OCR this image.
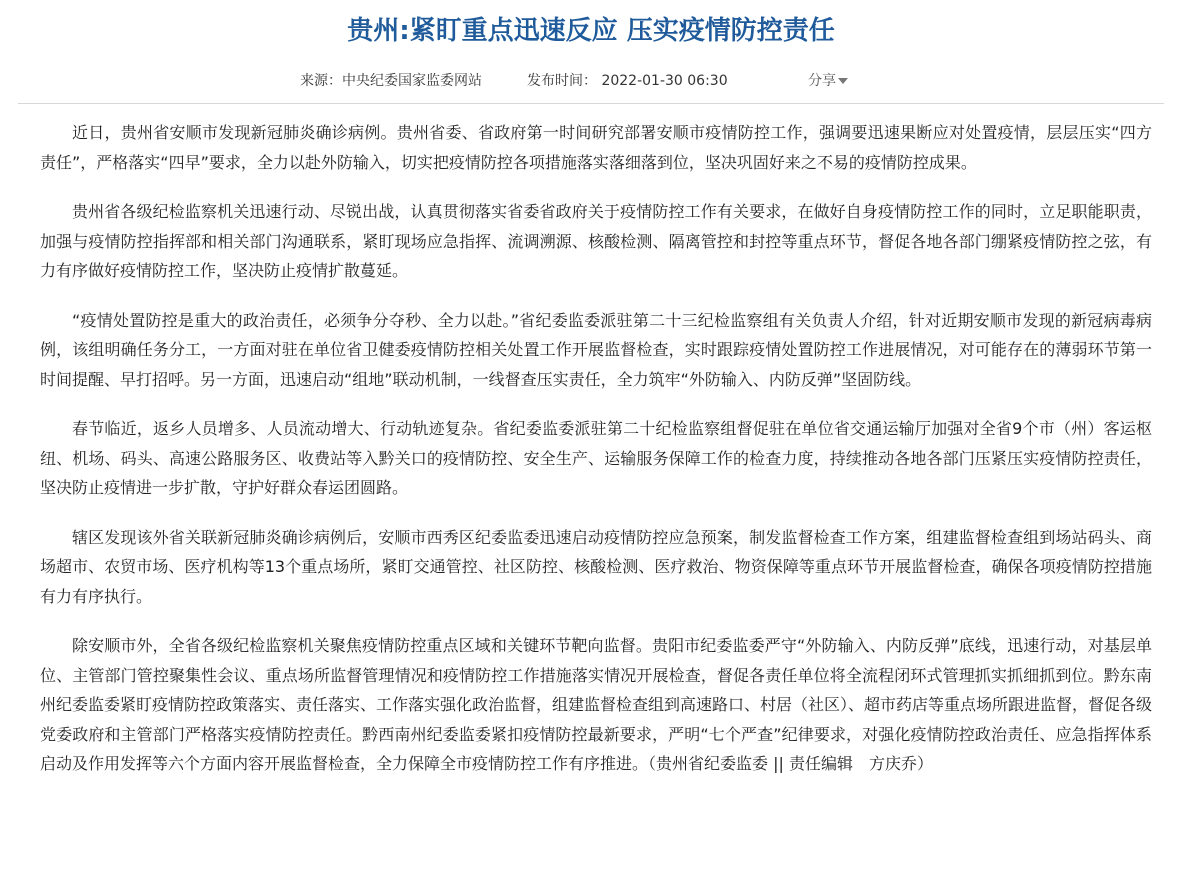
贵州:紧盯重点迅速反应 压实疫情防控责任
来源：中央纪委国家监委网站	发布时间： 2022-01-30 06:30	分享

近日，贵州省安顺市发现新冠肺炎确诊病例。贵州省委、省政府第一时间研究部署安顺市疫情防控工作，强调要迅速果断应对处置疫情，层层压实“四方责任”，严格落实“四早”要求，全力以赴外防输入，切实把疫情防控各项措施落实落细落到位，坚决巩固好来之不易的疫情防控成果。

贵州省各级纪检监察机关迅速行动、尽锐出战，认真贯彻落实省委省政府关于疫情防控工作有关要求，在做好自身疫情防控工作的同时，立足职能职责，加强与疫情防控指挥部和相关部门沟通联系，紧盯现场应急指挥、流调溯源、核酸检测、隔离管控和封控等重点环节，督促各地各部门绷紧疫情防控之弦，有力有序做好疫情防控工作，坚决防止疫情扩散蔓延。

“疫情处置防控是重大的政治责任，必须争分夺秒、全力以赴。”省纪委监委派驻第二十三纪检监察组有关负责人介绍，针对近期安顺市发现的新冠病毒病例，该组明确任务分工，一方面对驻在单位省卫健委疫情防控相关处置工作开展监督检查，实时跟踪疫情处置防控工作进展情况，对可能存在的薄弱环节第一时间提醒、早打招呼。另一方面，迅速启动“组地”联动机制，一线督查压实责任，全力筑牢“外防输入、内防反弹”坚固防线。

春节临近，返乡人员增多、人员流动增大、行动轨迹复杂。省纪委监委派驻第二十纪检监察组督促驻在单位省交通运输厅加强对全省9个市（州）客运枢纽、机场、码头、高速公路服务区、收费站等入黔关口的疫情防控、安全生产、运输服务保障工作的检查力度，持续推动各地各部门压紧压实疫情防控责任，坚决防止疫情进一步扩散，守护好群众春运团圆路。

辖区发现该外省关联新冠肺炎确诊病例后，安顺市西秀区纪委监委迅速启动疫情防控应急预案，制发监督检查工作方案，组建监督检查组到场站码头、商场超市、农贸市场、医疗机构等13个重点场所，紧盯交通管控、社区防控、核酸检测、医疗救治、物资保障等重点环节开展监督检查，确保各项疫情防控措施有力有序执行。

除安顺市外，全省各级纪检监察机关聚焦疫情防控重点区域和关键环节靶向监督。贵阳市纪委监委严守“外防输入、内防反弹”底线，迅速行动，对基层单位、主管部门管控聚集性会议、重点场所监督管理情况和疫情防控工作措施落实情况开展检查，督促各责任单位将全流程闭环式管理抓实抓细抓到位。黔东南州纪委监委紧盯疫情防控政策落实、责任落实、工作落实强化政治监督，组建监督检查组到高速路口、村居（社区）、超市药店等重点场所跟进监督，督促各级党委政府和主管部门严格落实疫情防控责任。黔西南州纪委监委紧扣疫情防控最新要求，严明“七个严查”纪律要求，对强化疫情防控政治责任、应急指挥体系启动及作用发挥等六个方面内容开展监督检查，全力保障全市疫情防控工作有序推进。（贵州省纪委监委 || 责任编辑　方庆乔）
